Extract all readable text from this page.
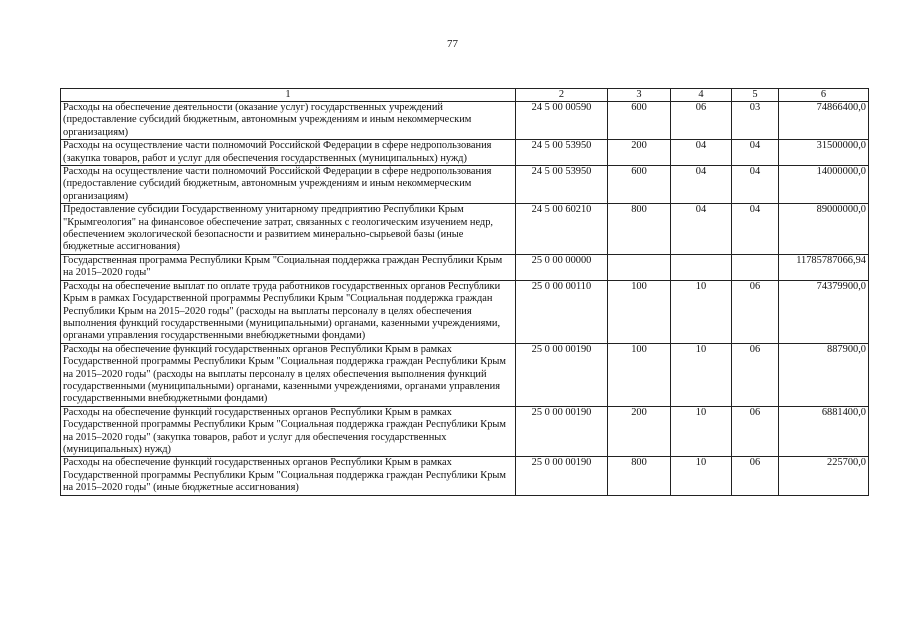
77
1	2	3	4	5	6
Расходы на обеспечение деятельности (оказание услуг) государственных учреждений (предоставление субсидий бюджетным, автономным учреждениям и иным некоммерческим организациям)	24 5 00 00590	600	06	03	74866400,0
Расходы на осуществление части полномочий Российской Федерации в сфере недропользования (закупка товаров, работ и услуг для обеспечения государственных (муниципальных) нужд)	24 5 00 53950	200	04	04	31500000,0
Расходы на осуществление части полномочий Российской Федерации в сфере недропользования (предоставление субсидий бюджетным, автономным учреждениям и иным некоммерческим организациям)	24 5 00 53950	600	04	04	14000000,0
Предоставление субсидии Государственному унитарному предприятию Республики Крым "Крымгеология" на финансовое обеспечение затрат, связанных с геологическим изучением недр, обеспечением экологической безопасности и развитием минерально-сырьевой базы (иные бюджетные ассигнования)	24 5 00 60210	800	04	04	89000000,0
Государственная программа Республики Крым "Социальная поддержка граждан Республики Крым на 2015–2020 годы"	25 0 00 00000				11785787066,94
Расходы на обеспечение выплат по оплате труда работников государственных органов Республики Крым в рамках Государственной программы Республики Крым "Социальная поддержка граждан Республики Крым на 2015–2020 годы" (расходы на выплаты персоналу в целях обеспечения выполнения функций государственными (муниципальными) органами, казенными учреждениями, органами управления государственными внебюджетными фондами)	25 0 00 00110	100	10	06	74379900,0
Расходы на обеспечение функций государственных органов Республики Крым в рамках Государственной программы Республики Крым "Социальная поддержка граждан Республики Крым на 2015–2020 годы" (расходы на выплаты персоналу в целях обеспечения выполнения функций государственными (муниципальными) органами, казенными учреждениями, органами управления государственными внебюджетными фондами)	25 0 00 00190	100	10	06	887900,0
Расходы на обеспечение функций государственных органов Республики Крым в рамках Государственной программы Республики Крым "Социальная поддержка граждан Республики Крым на 2015–2020 годы" (закупка товаров, работ и услуг для обеспечения государственных (муниципальных) нужд)	25 0 00 00190	200	10	06	6881400,0
Расходы на обеспечение функций государственных органов Республики Крым в рамках Государственной программы Республики Крым "Социальная поддержка граждан Республики Крым на 2015–2020 годы" (иные бюджетные ассигнования)	25 0 00 00190	800	10	06	225700,0
